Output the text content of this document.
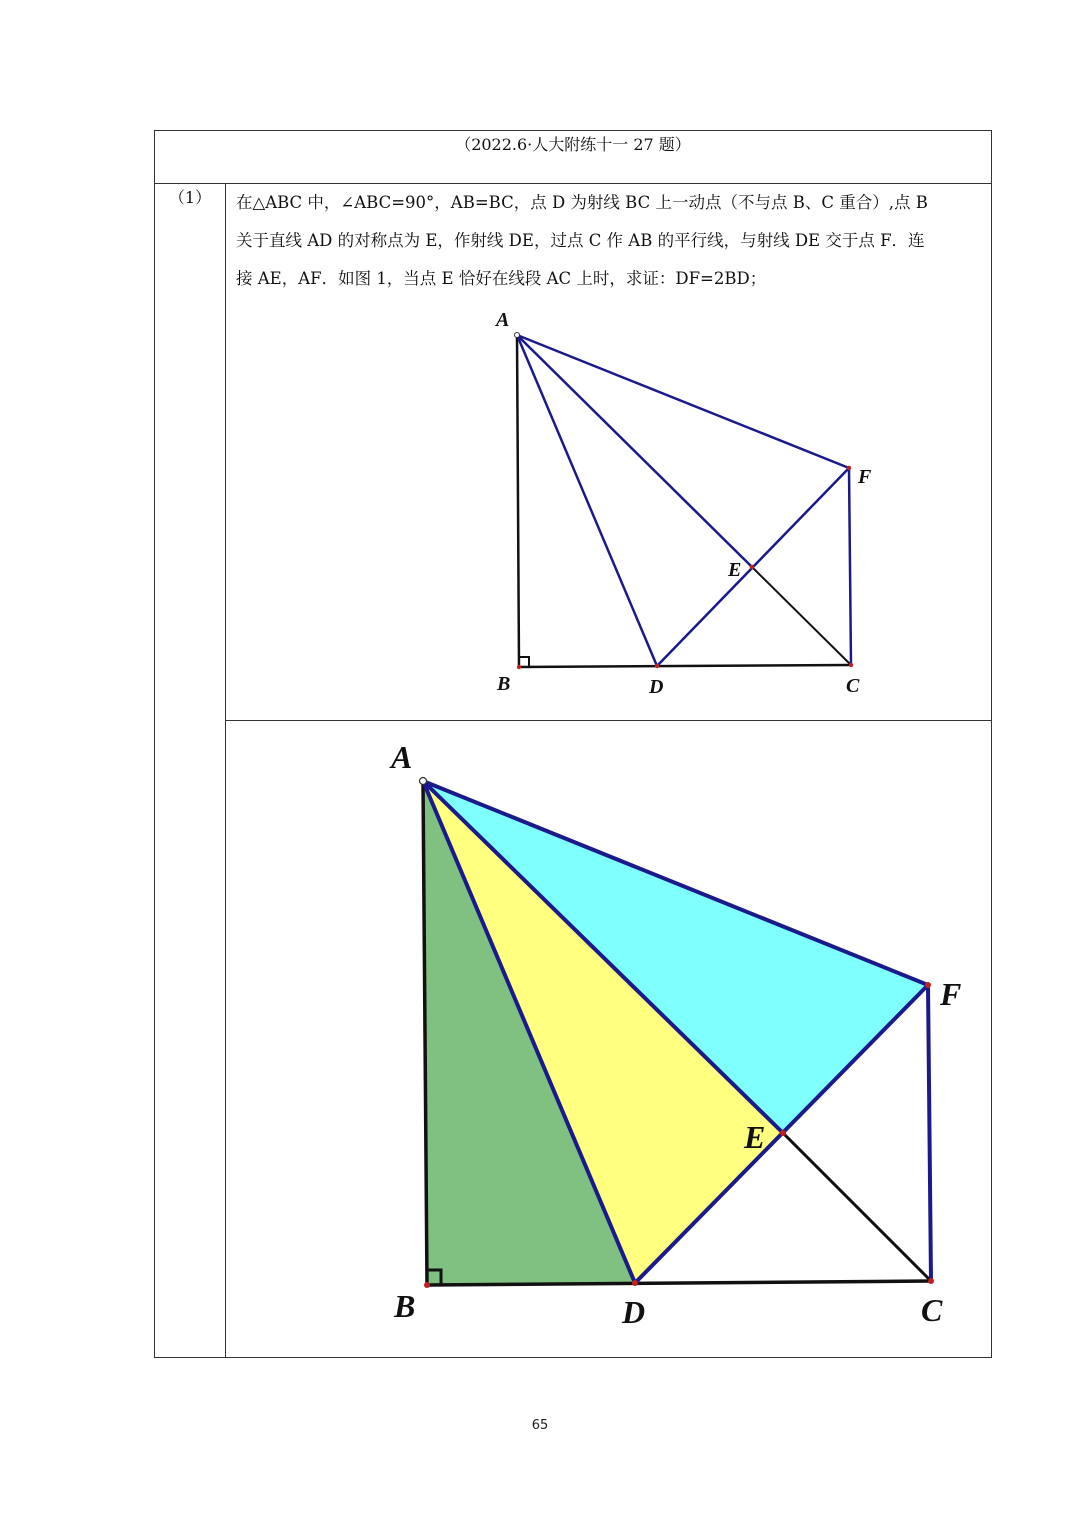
（2022.6·人大附练十一 27 题）
（1）	在△ABC 中，∠ABC=90°，AB=BC，点 D 为射线 BC 上一动点（不与点 B、C 重合）,点 B
关于直线 AD 的对称点为 E，作射线 DE，过点 C 作 AB 的平行线，与射线 DE 交于点 F．连
接 AE，AF．如图 1，当点 E 恰好在线段 AC 上时，求证：DF=2BD；
A
B	D	C
E
F
A
B	D	C
E
F
65
